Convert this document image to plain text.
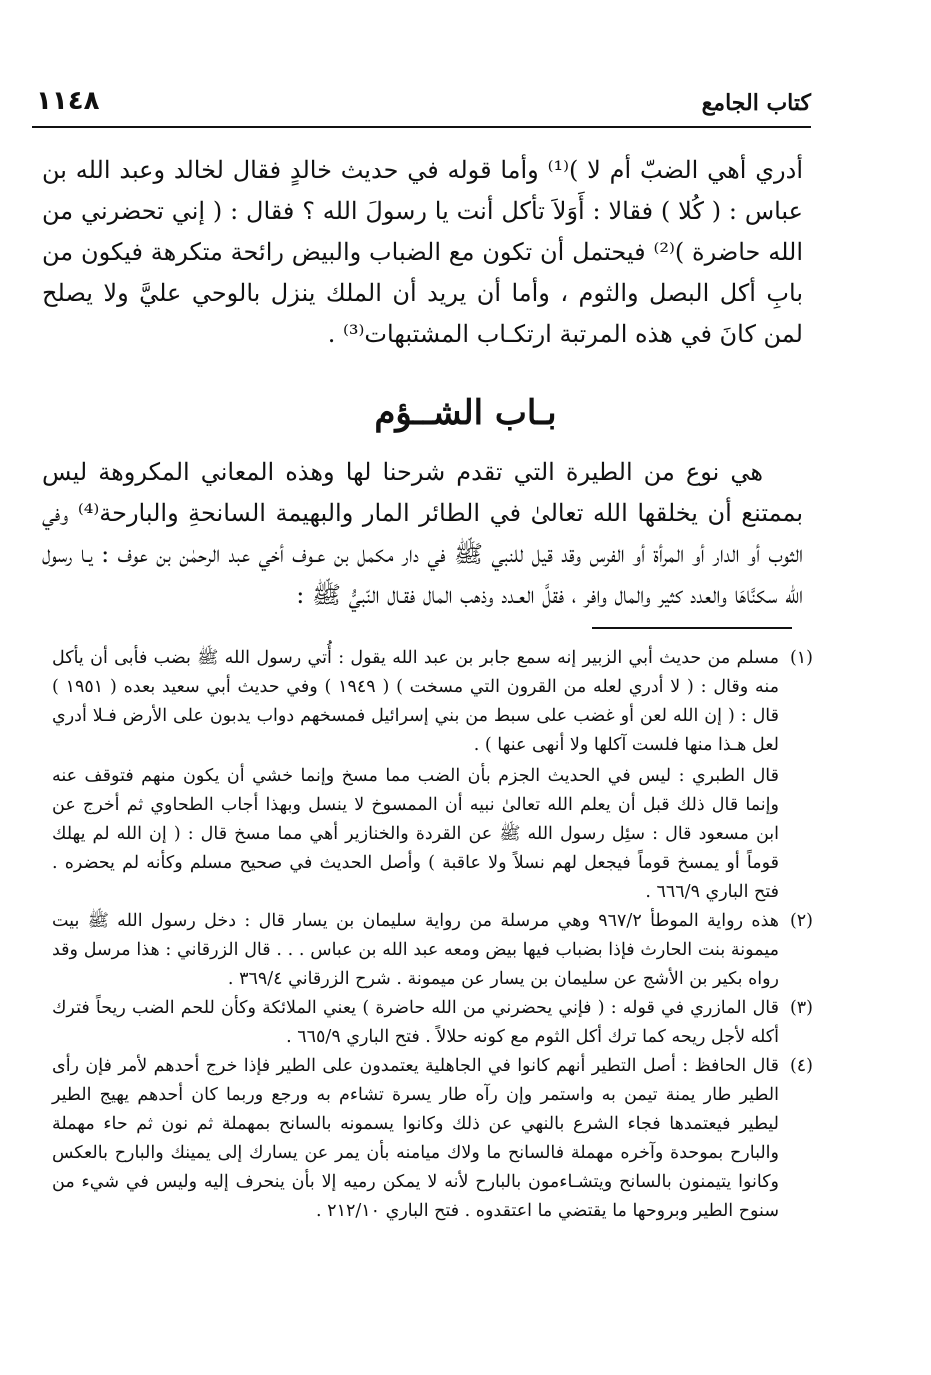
١١٤٨	كتاب الجامع

أدري أهي الضبّ أم لا )⁽¹⁾ وأما قوله في حديث خالدٍ فقال لخالد وعبد الله بن عباس : ( كُلا ) فقالا : أَوَلاَ تأكل أنت يا رسولَ الله ؟ فقال : ( إني تحضرني من الله حاضرة )⁽²⁾ فيحتمل أن تكون مع الضباب والبيض رائحة متكرهة فيكون من بابِ أكل البصل والثوم ، وأما أن يريد أن الملك ينزل بالوحي عليَّ ولا يصلح لمن كانَ في هذه المرتبة ارتكـاب المشتبهات⁽³⁾ .

بـاب الشــؤم

هي نوع من الطيرة التي تقدم شرحنا لها وهذه المعاني المكروهة ليس بممتنع أن يخلقها الله تعالىٰ في الطائر المار والبهيمة السانحةِ والبارحة⁽⁴⁾ وفي الثوب أو الدار أو المرأة أو الفرس وقد قيل للنبي ﷺ في دار مكمل بن عـوف أخي عبد الرحمٰن بن عوف : يـا رسول الله سكنَّاهَا والعدد كثير والمال وافر ، فقلَّ العـدد وذهب المال فقـال النّبيُّ ﷺ :

(١)

مسلم من حديث أبي الزبير إنه سمع جابر بن عبد الله يقول : أُتي رسول الله ﷺ بضب فأبى أن يأكل منه وقال : ( لا أدري لعله من القرون التي مسخت ) ( ١٩٤٩ ) وفي حديث أبي سعيد بعده ( ١٩٥١ ) قال : ( إن الله لعن أو غضب على سبط من بني إسرائيل فمسخهم دواب يدبون على الأرض فـلا أدري لعل هـذا منها فلست آكلها ولا أنهى عنها ) .

قال الطبري : ليس في الحديث الجزم بأن الضب مما مسخ وإنما خشي أن يكون منهم فتوقف عنه وإنما قال ذلك قبل أن يعلم الله تعالىٰ نبيه أن الممسوخ لا ينسل وبهذا أجاب الطحاوي ثم أخرج عن ابن مسعود قال : سئِل رسول الله ﷺ عن القردة والخنازير أهي مما مسخ قال : ( إن الله لم يهلك قوماً أو يمسخ قوماً فيجعل لهم نسلاً ولا عاقبة ) وأصل الحديث في صحيح مسلم وكأنه لم يحضره . فتح الباري ٦٦٦/٩ .

(٢)

هذه رواية الموطأ ٩٦٧/٢ وهي مرسلة من رواية سليمان بن يسار قال : دخل رسول الله ﷺ بيت ميمونة بنت الحارث فإذا بضباب فيها بيض ومعه عبد الله بن عباس . . . قال الزرقاني : هذا مرسل وقد رواه بكير بن الأشج عن سليمان بن يسار عن ميمونة . شرح الزرقاني ٣٦٩/٤ .

(٣)

قال المازري في قوله : ( فإني يحضرني من الله حاضرة ) يعني الملائكة وكأن للحم الضب ريحاً فترك أكله لأجل ريحه كما ترك أكل الثوم مع كونه حلالاً . فتح الباري ٦٦٥/٩ .

(٤)

قال الحافظ : أصل التطير أنهم كانوا في الجاهلية يعتمدون على الطير فإذا خرج أحدهم لأمر فإن رأى الطير طار يمنة تيمن به واستمر وإن رآه طار يسرة تشاءم به ورجع وربما كان أحدهم يهيج الطير ليطير فيعتمدها فجاء الشرع بالنهي عن ذلك وكانوا يسمونه بالسانح بمهملة ثم نون ثم حاء مهملة والبارح بموحدة وآخره مهملة فالسانح ما ولاك ميامنه بأن يمر عن يسارك إلى يمينك والبارح بالعكس وكانوا يتيمنون بالسانح ويتشـاءمون بالبارح لأنه لا يمكن رميه إلا بأن ينحرف إليه وليس في شيء من سنوح الطير وبروحها ما يقتضي ما اعتقدوه . فتح الباري ٢١٢/١٠ .
